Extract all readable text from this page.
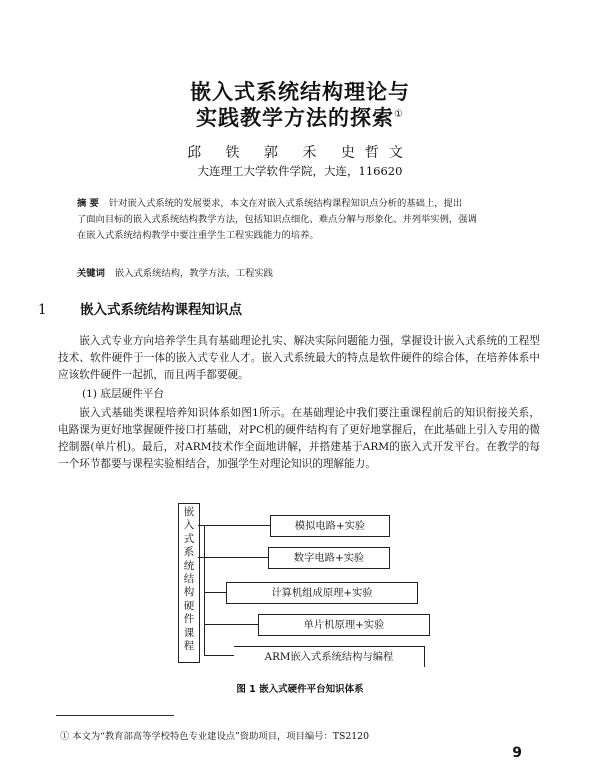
嵌入式系统结构理论与
实践教学方法的探索①
邱 铁 郭 禾 史哲文
大连理工大学软件学院，大连，116620
摘 要 针对嵌入式系统的发展要求，本文在对嵌入式系统结构课程知识点分析的基础上，提出
了面向目标的嵌入式系统结构教学方法，包括知识点细化、难点分解与形象化、并列举实例，强调
在嵌入式系统结构教学中要注重学生工程实践能力的培养。
关键词 嵌入式系统结构，教学方法，工程实践
1 嵌入式系统结构课程知识点
嵌入式专业方向培养学生具有基础理论扎实、解决实际问题能力强，掌握设计嵌入式系统的工程型技术、软件硬件于一体的嵌入式专业人才。嵌入式系统最大的特点是软件硬件的综合体，在培养体系中应该软件硬件一起抓，而且两手都要硬。
(1) 底层硬件平台
嵌入式基础类课程培养知识体系如图1所示。在基础理论中我们要注重课程前后的知识衔接关系，电路课为更好地掌握硬件接口打基础，对PC机的硬件结构有了更好地掌握后，在此基础上引入专用的微控制器(单片机)。最后，对ARM技术作全面地讲解，并搭建基于ARM的嵌入式开发平台。在教学的每一个环节都要与课程实验相结合，加强学生对理论知识的理解能力。
嵌
入
式
系
统
结
构
硬
件
课
程
模拟电路+实验
数字电路+实验
计算机组成原理+实验
单片机原理+实验
ARM嵌入式系统结构与编程
图 1 嵌入式硬件平台知识体系
① 本文为“教育部高等学校特色专业建设点”资助项目，项目编号：TS2120
9
